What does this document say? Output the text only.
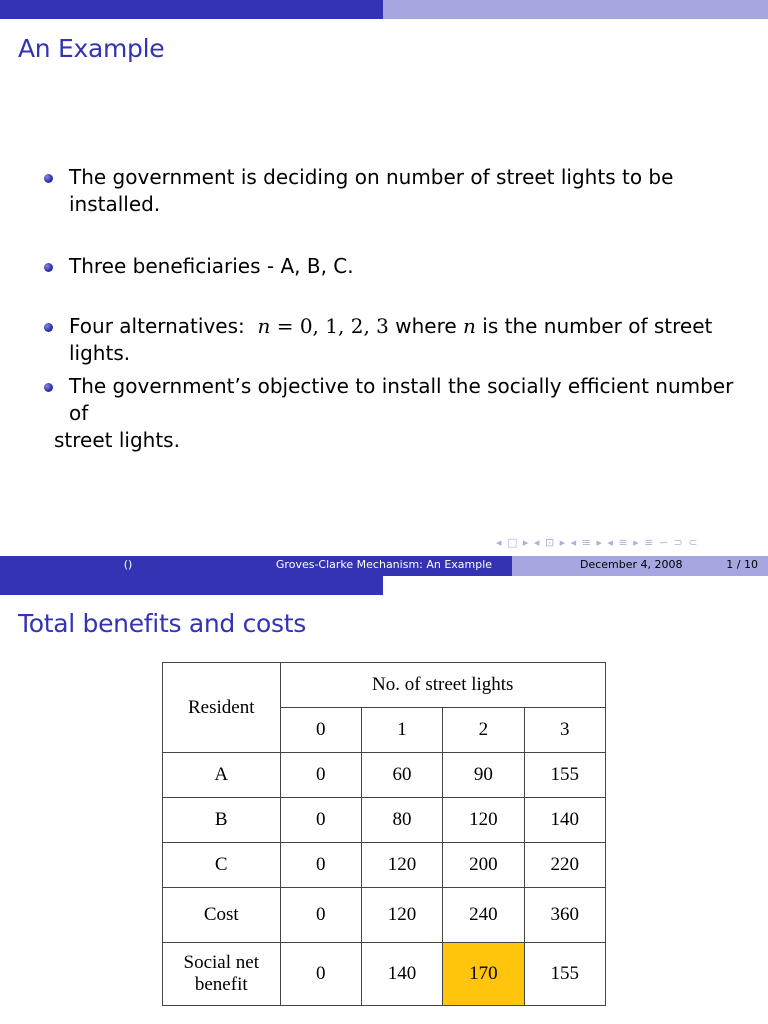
An Example
The government is deciding on number of street lights to be installed.
Three beneficiaries - A, B, C.
Four alternatives: n = 0, 1, 2, 3 where n is the number of street lights.
The government’s objective to install the socially efficient number of
street lights.
◂ □ ▸ ◂ ⊡ ▸ ◂ ≡ ▸ ◂ ≡ ▸ ≡ ∽ ⊃ ⊂
()	Groves-Clarke Mechanism: An Example	December 4, 2008	1 / 10
Total benefits and costs
Resident	No. of street lights			
	0	1	2	3
A	0	60	90	155
B	0	80	120	140
C	0	120	200	220
Cost	0	120	240	360
Social net
benefit	0	140	170	155
